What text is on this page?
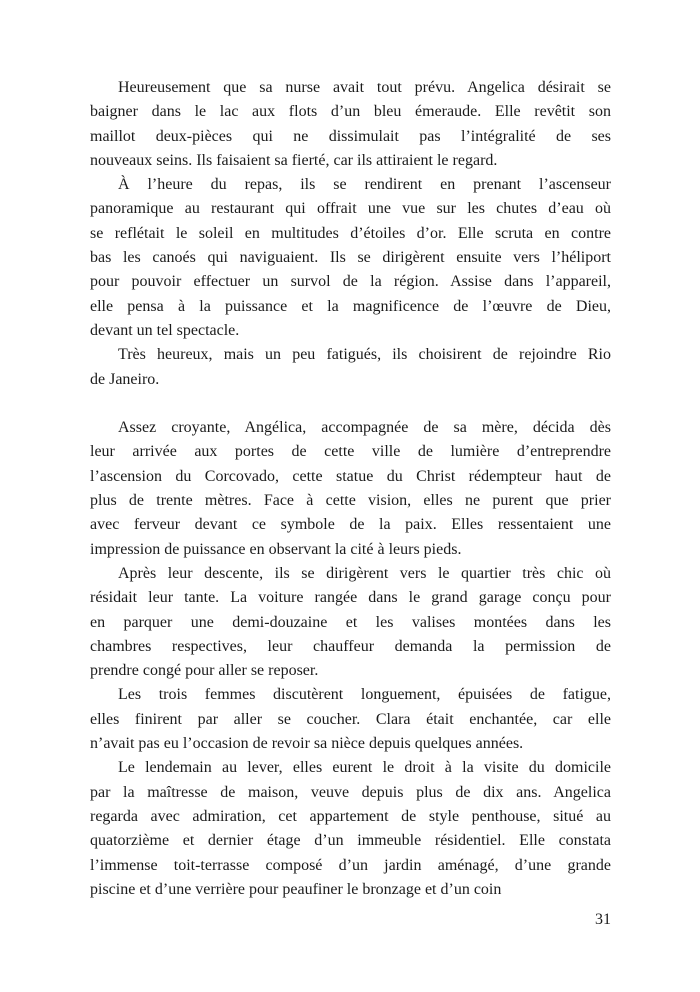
Heureusement que sa nurse avait tout prévu. Angelica désirait se
baigner dans le lac aux flots d’un bleu émeraude. Elle revêtit son
maillot deux-pièces qui ne dissimulait pas l’intégralité de ses
nouveaux seins. Ils faisaient sa fierté, car ils attiraient le regard.
À l’heure du repas, ils se rendirent en prenant l’ascenseur
panoramique au restaurant qui offrait une vue sur les chutes d’eau où
se reflétait le soleil en multitudes d’étoiles d’or. Elle scruta en contre
bas les canoés qui naviguaient. Ils se dirigèrent ensuite vers l’héliport
pour pouvoir effectuer un survol de la région. Assise dans l’appareil,
elle pensa à la puissance et la magnificence de l’œuvre de Dieu,
devant un tel spectacle.
Très heureux, mais un peu fatigués, ils choisirent de rejoindre Rio
de Janeiro.
Assez croyante, Angélica, accompagnée de sa mère, décida dès
leur arrivée aux portes de cette ville de lumière d’entreprendre
l’ascension du Corcovado, cette statue du Christ rédempteur haut de
plus de trente mètres. Face à cette vision, elles ne purent que prier
avec ferveur devant ce symbole de la paix. Elles ressentaient une
impression de puissance en observant la cité à leurs pieds.
Après leur descente, ils se dirigèrent vers le quartier très chic où
résidait leur tante. La voiture rangée dans le grand garage conçu pour
en parquer une demi-douzaine et les valises montées dans les
chambres respectives, leur chauffeur demanda la permission de
prendre congé pour aller se reposer.
Les trois femmes discutèrent longuement, épuisées de fatigue,
elles finirent par aller se coucher. Clara était enchantée, car elle
n’avait pas eu l’occasion de revoir sa nièce depuis quelques années.
Le lendemain au lever, elles eurent le droit à la visite du domicile
par la maîtresse de maison, veuve depuis plus de dix ans. Angelica
regarda avec admiration, cet appartement de style penthouse, situé au
quatorzième et dernier étage d’un immeuble résidentiel. Elle constata
l’immense toit-terrasse composé d’un jardin aménagé, d’une grande
piscine et d’une verrière pour peaufiner le bronzage et d’un coin
31
